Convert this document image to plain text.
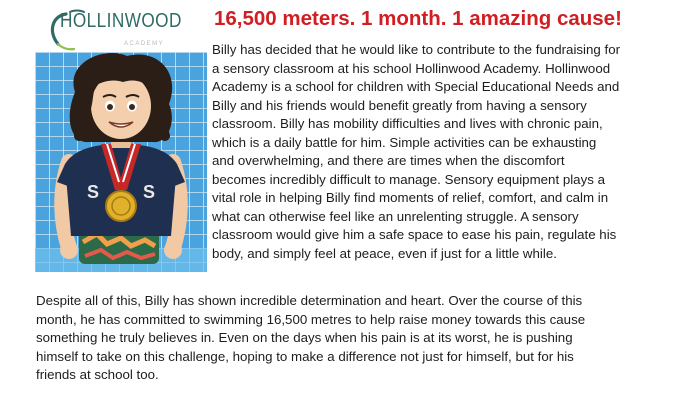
HOLLINWOOD
ACADEMY
16,500 meters. 1 month. 1 amazing cause!
S S
Billy has decided that he would like to contribute to the fundraising for
a sensory classroom at his school Hollinwood Academy. Hollinwood
Academy is a school for children with Special Educational Needs and
Billy and his friends would benefit greatly from having a sensory
classroom. Billy has mobility difficulties and lives with chronic pain,
which is a daily battle for him. Simple activities can be exhausting
and overwhelming, and there are times when the discomfort
becomes incredibly difficult to manage. Sensory equipment plays a
vital role in helping Billy find moments of relief, comfort, and calm in
what can otherwise feel like an unrelenting struggle. A sensory
classroom would give him a safe space to ease his pain, regulate his
body, and simply feel at peace, even if just for a little while.
Despite all of this, Billy has shown incredible determination and heart. Over the course of this
month, he has committed to swimming 16,500 metres to help raise money towards this cause
something he truly believes in. Even on the days when his pain is at its worst, he is pushing
himself to take on this challenge, hoping to make a difference not just for himself, but for his
friends at school too.
